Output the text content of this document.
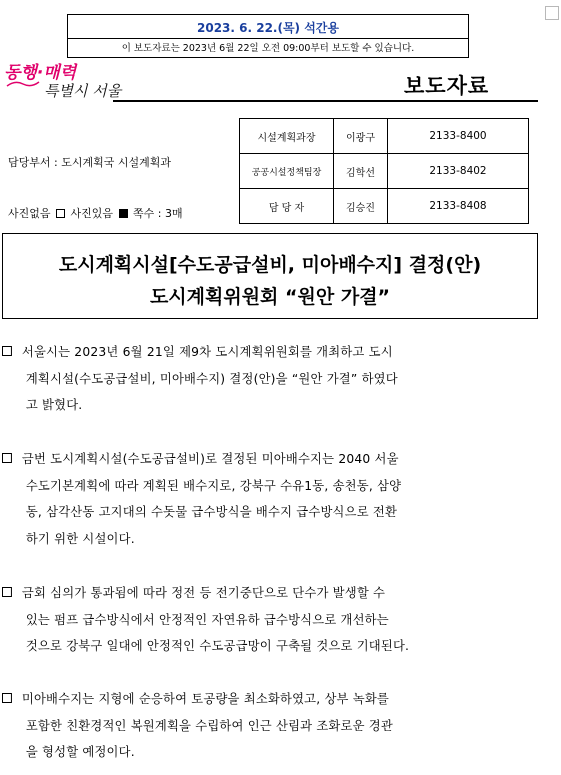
2023. 6. 22.(목) 석간용
이 보도자료는 2023년 6월 22일 오전 09:00부터 보도할 수 있습니다.
동행·매력
특별시 서울	보도자료
담당부서 : 도시계획국 시설계획과
사진없음 사진있음 쪽수 : 3매
시설계획과장	이광구	2133-8400
공공시설정책팀장	김학선	2133-8402
담 당 자	김승진	2133-8408
도시계획시설[수도공급설비, 미아배수지] 결정(안)
도시계획위원회 “원안 가결”
서울시는 2023년 6월 21일 제9차 도시계획위원회를 개최하고 도시
계획시설(수도공급설비, 미아배수지) 결정(안)을 “원안 가결” 하였다
고 밝혔다.
금번 도시계획시설(수도공급설비)로 결정된 미아배수지는 2040 서울
수도기본계획에 따라 계획된 배수지로, 강북구 수유1동, 송천동, 삼양
동, 삼각산동 고지대의 수돗물 급수방식을 배수지 급수방식으로 전환
하기 위한 시설이다.
금회 심의가 통과됨에 따라 정전 등 전기중단으로 단수가 발생할 수
있는 펌프 급수방식에서 안정적인 자연유하 급수방식으로 개선하는
것으로 강북구 일대에 안정적인 수도공급망이 구축될 것으로 기대된다.
미아배수지는 지형에 순응하여 토공량을 최소화하였고, 상부 녹화를
포함한 친환경적인 복원계획을 수립하여 인근 산림과 조화로운 경관
을 형성할 예정이다.
